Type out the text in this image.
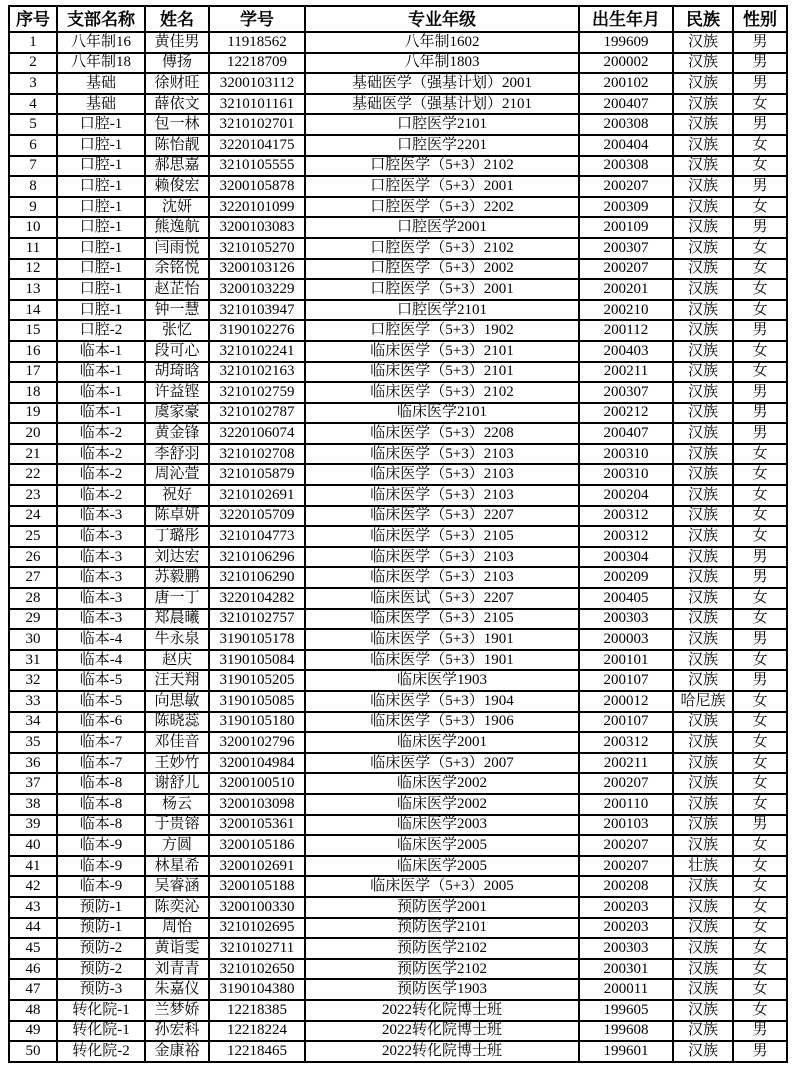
序号	支部名称	姓名	学号	专业年级	出生年月	民族	性别
1	八年制16	黄佳男	11918562	八年制1602	199609	汉族	男
2	八年制18	傅扬	12218709	八年制1803	200002	汉族	男
3	基础	徐财旺	3200103112	基础医学（强基计划）2001	200102	汉族	男
4	基础	薛依文	3210101161	基础医学（强基计划）2101	200407	汉族	女
5	口腔-1	包一林	3210102701	口腔医学2101	200308	汉族	男
6	口腔-1	陈怡靓	3220104175	口腔医学2201	200404	汉族	女
7	口腔-1	郝思嘉	3210105555	口腔医学（5+3）2102	200308	汉族	女
8	口腔-1	赖俊宏	3200105878	口腔医学（5+3）2001	200207	汉族	男
9	口腔-1	沈妍	3220101099	口腔医学（5+3）2202	200309	汉族	女
10	口腔-1	熊逸航	3200103083	口腔医学2001	200109	汉族	男
11	口腔-1	闫雨悦	3210105270	口腔医学（5+3）2102	200307	汉族	女
12	口腔-1	余铭悦	3200103126	口腔医学（5+3）2002	200207	汉族	女
13	口腔-1	赵芷怡	3200103229	口腔医学（5+3）2001	200201	汉族	女
14	口腔-1	钟一慧	3210103947	口腔医学2101	200210	汉族	女
15	口腔-2	张忆	3190102276	口腔医学（5+3）1902	200112	汉族	男
16	临本-1	段可心	3210102241	临床医学（5+3）2101	200403	汉族	女
17	临本-1	胡琦晗	3210102163	临床医学（5+3）2101	200211	汉族	女
18	临本-1	许益铿	3210102759	临床医学（5+3）2102	200307	汉族	男
19	临本-1	虞家豪	3210102787	临床医学2101	200212	汉族	男
20	临本-2	黄金锋	3220106074	临床医学（5+3）2208	200407	汉族	男
21	临本-2	李舒羽	3210102708	临床医学（5+3）2103	200310	汉族	女
22	临本-2	周沁萱	3210105879	临床医学（5+3）2103	200310	汉族	女
23	临本-2	祝好	3210102691	临床医学（5+3）2103	200204	汉族	女
24	临本-3	陈卓妍	3220105709	临床医学（5+3）2207	200312	汉族	女
25	临本-3	丁璐彤	3210104773	临床医学（5+3）2105	200312	汉族	女
26	临本-3	刘达宏	3210106296	临床医学（5+3）2103	200304	汉族	男
27	临本-3	苏毅鹏	3210106290	临床医学（5+3）2103	200209	汉族	男
28	临本-3	唐一丁	3220104282	临床医试（5+3）2207	200405	汉族	女
29	临本-3	郑晨曦	3210102757	临床医学（5+3）2105	200303	汉族	女
30	临本-4	牛永泉	3190105178	临床医学（5+3）1901	200003	汉族	男
31	临本-4	赵庆	3190105084	临床医学（5+3）1901	200101	汉族	女
32	临本-5	汪天翔	3190105205	临床医学1903	200107	汉族	男
33	临本-5	向思敏	3190105085	临床医学（5+3）1904	200012	哈尼族	女
34	临本-6	陈晓蕊	3190105180	临床医学（5+3）1906	200107	汉族	女
35	临本-7	邓佳音	3200102796	临床医学2001	200312	汉族	女
36	临本-7	王妙竹	3200104984	临床医学（5+3）2007	200211	汉族	女
37	临本-8	谢舒儿	3200100510	临床医学2002	200207	汉族	女
38	临本-8	杨云	3200103098	临床医学2002	200110	汉族	女
39	临本-8	于贵镕	3200105361	临床医学2003	200103	汉族	男
40	临本-9	方圆	3200105186	临床医学2005	200207	汉族	女
41	临本-9	林星希	3200102691	临床医学2005	200207	壮族	女
42	临本-9	吴睿涵	3200105188	临床医学（5+3）2005	200208	汉族	女
43	预防-1	陈奕沁	3200100330	预防医学2001	200203	汉族	女
44	预防-1	周怡	3210102695	预防医学2101	200203	汉族	女
45	预防-2	黄诣雯	3210102711	预防医学2102	200303	汉族	女
46	预防-2	刘青青	3210102650	预防医学2102	200301	汉族	女
47	预防-3	朱嘉仪	3190104380	预防医学1903	200011	汉族	女
48	转化院-1	兰梦娇	12218385	2022转化院博士班	199605	汉族	女
49	转化院-1	孙宏科	12218224	2022转化院博士班	199608	汉族	男
50	转化院-2	金康裕	12218465	2022转化院博士班	199601	汉族	男
